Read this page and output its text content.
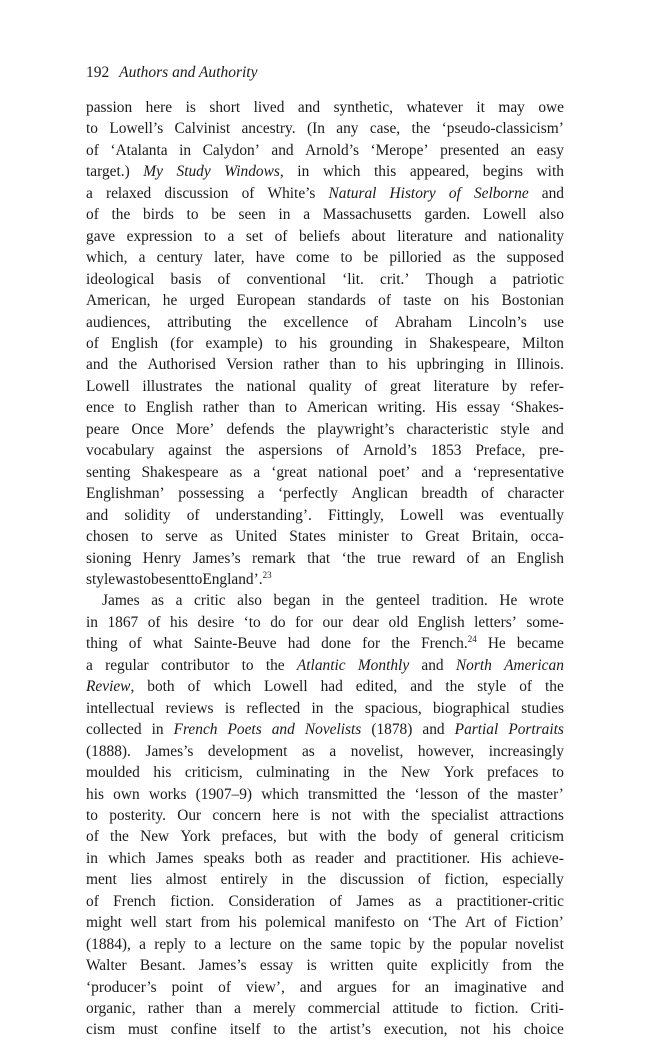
192 Authors and Authority
passion here is short lived and synthetic, whatever it may owe
to Lowell’s Calvinist ancestry. (In any case, the ‘pseudo-classicism’
of ‘Atalanta in Calydon’ and Arnold’s ‘Merope’ presented an easy
target.) My Study Windows, in which this appeared, begins with
a relaxed discussion of White’s Natural History of Selborne and
of the birds to be seen in a Massachusetts garden. Lowell also
gave expression to a set of beliefs about literature and nationality
which, a century later, have come to be pilloried as the supposed
ideological basis of conventional ‘lit. crit.’ Though a patriotic
American, he urged European standards of taste on his Bostonian
audiences, attributing the excellence of Abraham Lincoln’s use
of English (for example) to his grounding in Shakespeare, Milton
and the Authorised Version rather than to his upbringing in Illinois.
Lowell illustrates the national quality of great literature by refer-
ence to English rather than to American writing. His essay ‘Shakes-
peare Once More’ defends the playwright’s characteristic style and
vocabulary against the aspersions of Arnold’s 1853 Preface, pre-
senting Shakespeare as a ‘great national poet’ and a ‘representative
Englishman’ possessing a ‘perfectly Anglican breadth of character
and solidity of understanding’. Fittingly, Lowell was eventually
chosen to serve as United States minister to Great Britain, occa-
sioning Henry James’s remark that ‘the true reward of an English
style was to be sent to England’.$^{23}$
James as a critic also began in the genteel tradition. He wrote
in 1867 of his desire ‘to do for our dear old English letters’ some-
thing of what Sainte-Beuve had done for the French.$^{24}$ He became
a regular contributor to the Atlantic Monthly and North American
Review, both of which Lowell had edited, and the style of the
intellectual reviews is reflected in the spacious, biographical studies
collected in French Poets and Novelists (1878) and Partial Portraits
(1888). James’s development as a novelist, however, increasingly
moulded his criticism, culminating in the New York prefaces to
his own works (1907–9) which transmitted the ‘lesson of the master’
to posterity. Our concern here is not with the specialist attractions
of the New York prefaces, but with the body of general criticism
in which James speaks both as reader and practitioner. His achieve-
ment lies almost entirely in the discussion of fiction, especially
of French fiction. Consideration of James as a practitioner-critic
might well start from his polemical manifesto on ‘The Art of Fiction’
(1884), a reply to a lecture on the same topic by the popular novelist
Walter Besant. James’s essay is written quite explicitly from the
‘producer’s point of view’, and argues for an imaginative and
organic, rather than a merely commercial attitude to fiction. Criti-
cism must confine itself to the artist’s execution, not his choice
